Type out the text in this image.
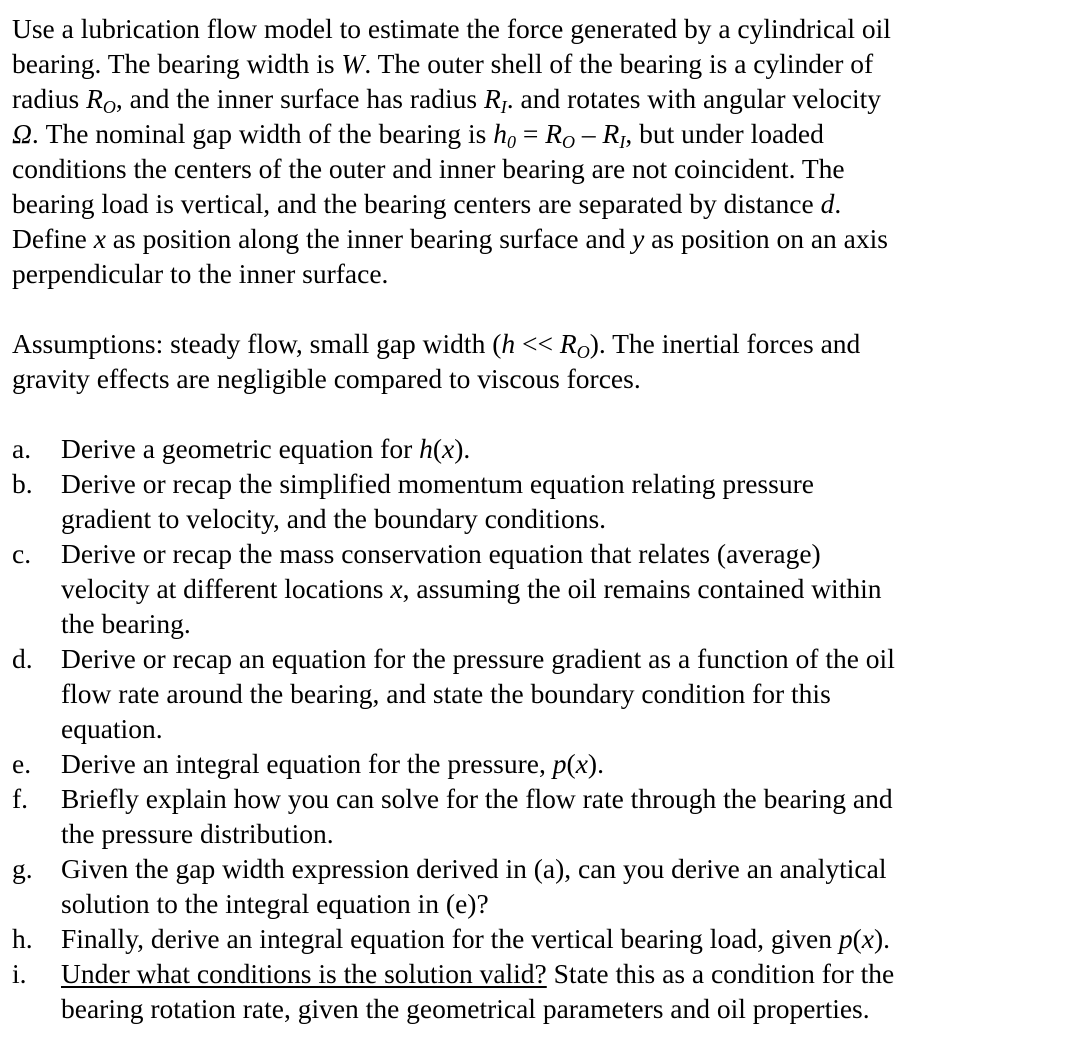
Use a lubrication flow model to estimate the force generated by a cylindrical oil
bearing. The bearing width is W. The outer shell of the bearing is a cylinder of
radius $R_O$, and the inner surface has radius $R_I$. and rotates with angular velocity
Ω. The nominal gap width of the bearing is $h_0 = R_O - R_I$, but under loaded
conditions the centers of the outer and inner bearing are not coincident. The
bearing load is vertical, and the bearing centers are separated by distance d.
Define x as position along the inner bearing surface and y as position on an axis
perpendicular to the inner surface.

Assumptions: steady flow, small gap width $(h << R_O)$. The inertial forces and
gravity effects are negligible compared to viscous forces.

a.	Derive a geometric equation for h(x).
b.	Derive or recap the simplified momentum equation relating pressure
gradient to velocity, and the boundary conditions.
c.	Derive or recap the mass conservation equation that relates (average)
velocity at different locations x, assuming the oil remains contained within
the bearing.
d.	Derive or recap an equation for the pressure gradient as a function of the oil
flow rate around the bearing, and state the boundary condition for this
equation.
e.	Derive an integral equation for the pressure, p(x).
f.	Briefly explain how you can solve for the flow rate through the bearing and
the pressure distribution.
g.	Given the gap width expression derived in (a), can you derive an analytical
solution to the integral equation in (e)?
h.	Finally, derive an integral equation for the vertical bearing load, given p(x).
i.	Under what conditions is the solution valid? State this as a condition for the
bearing rotation rate, given the geometrical parameters and oil properties.
